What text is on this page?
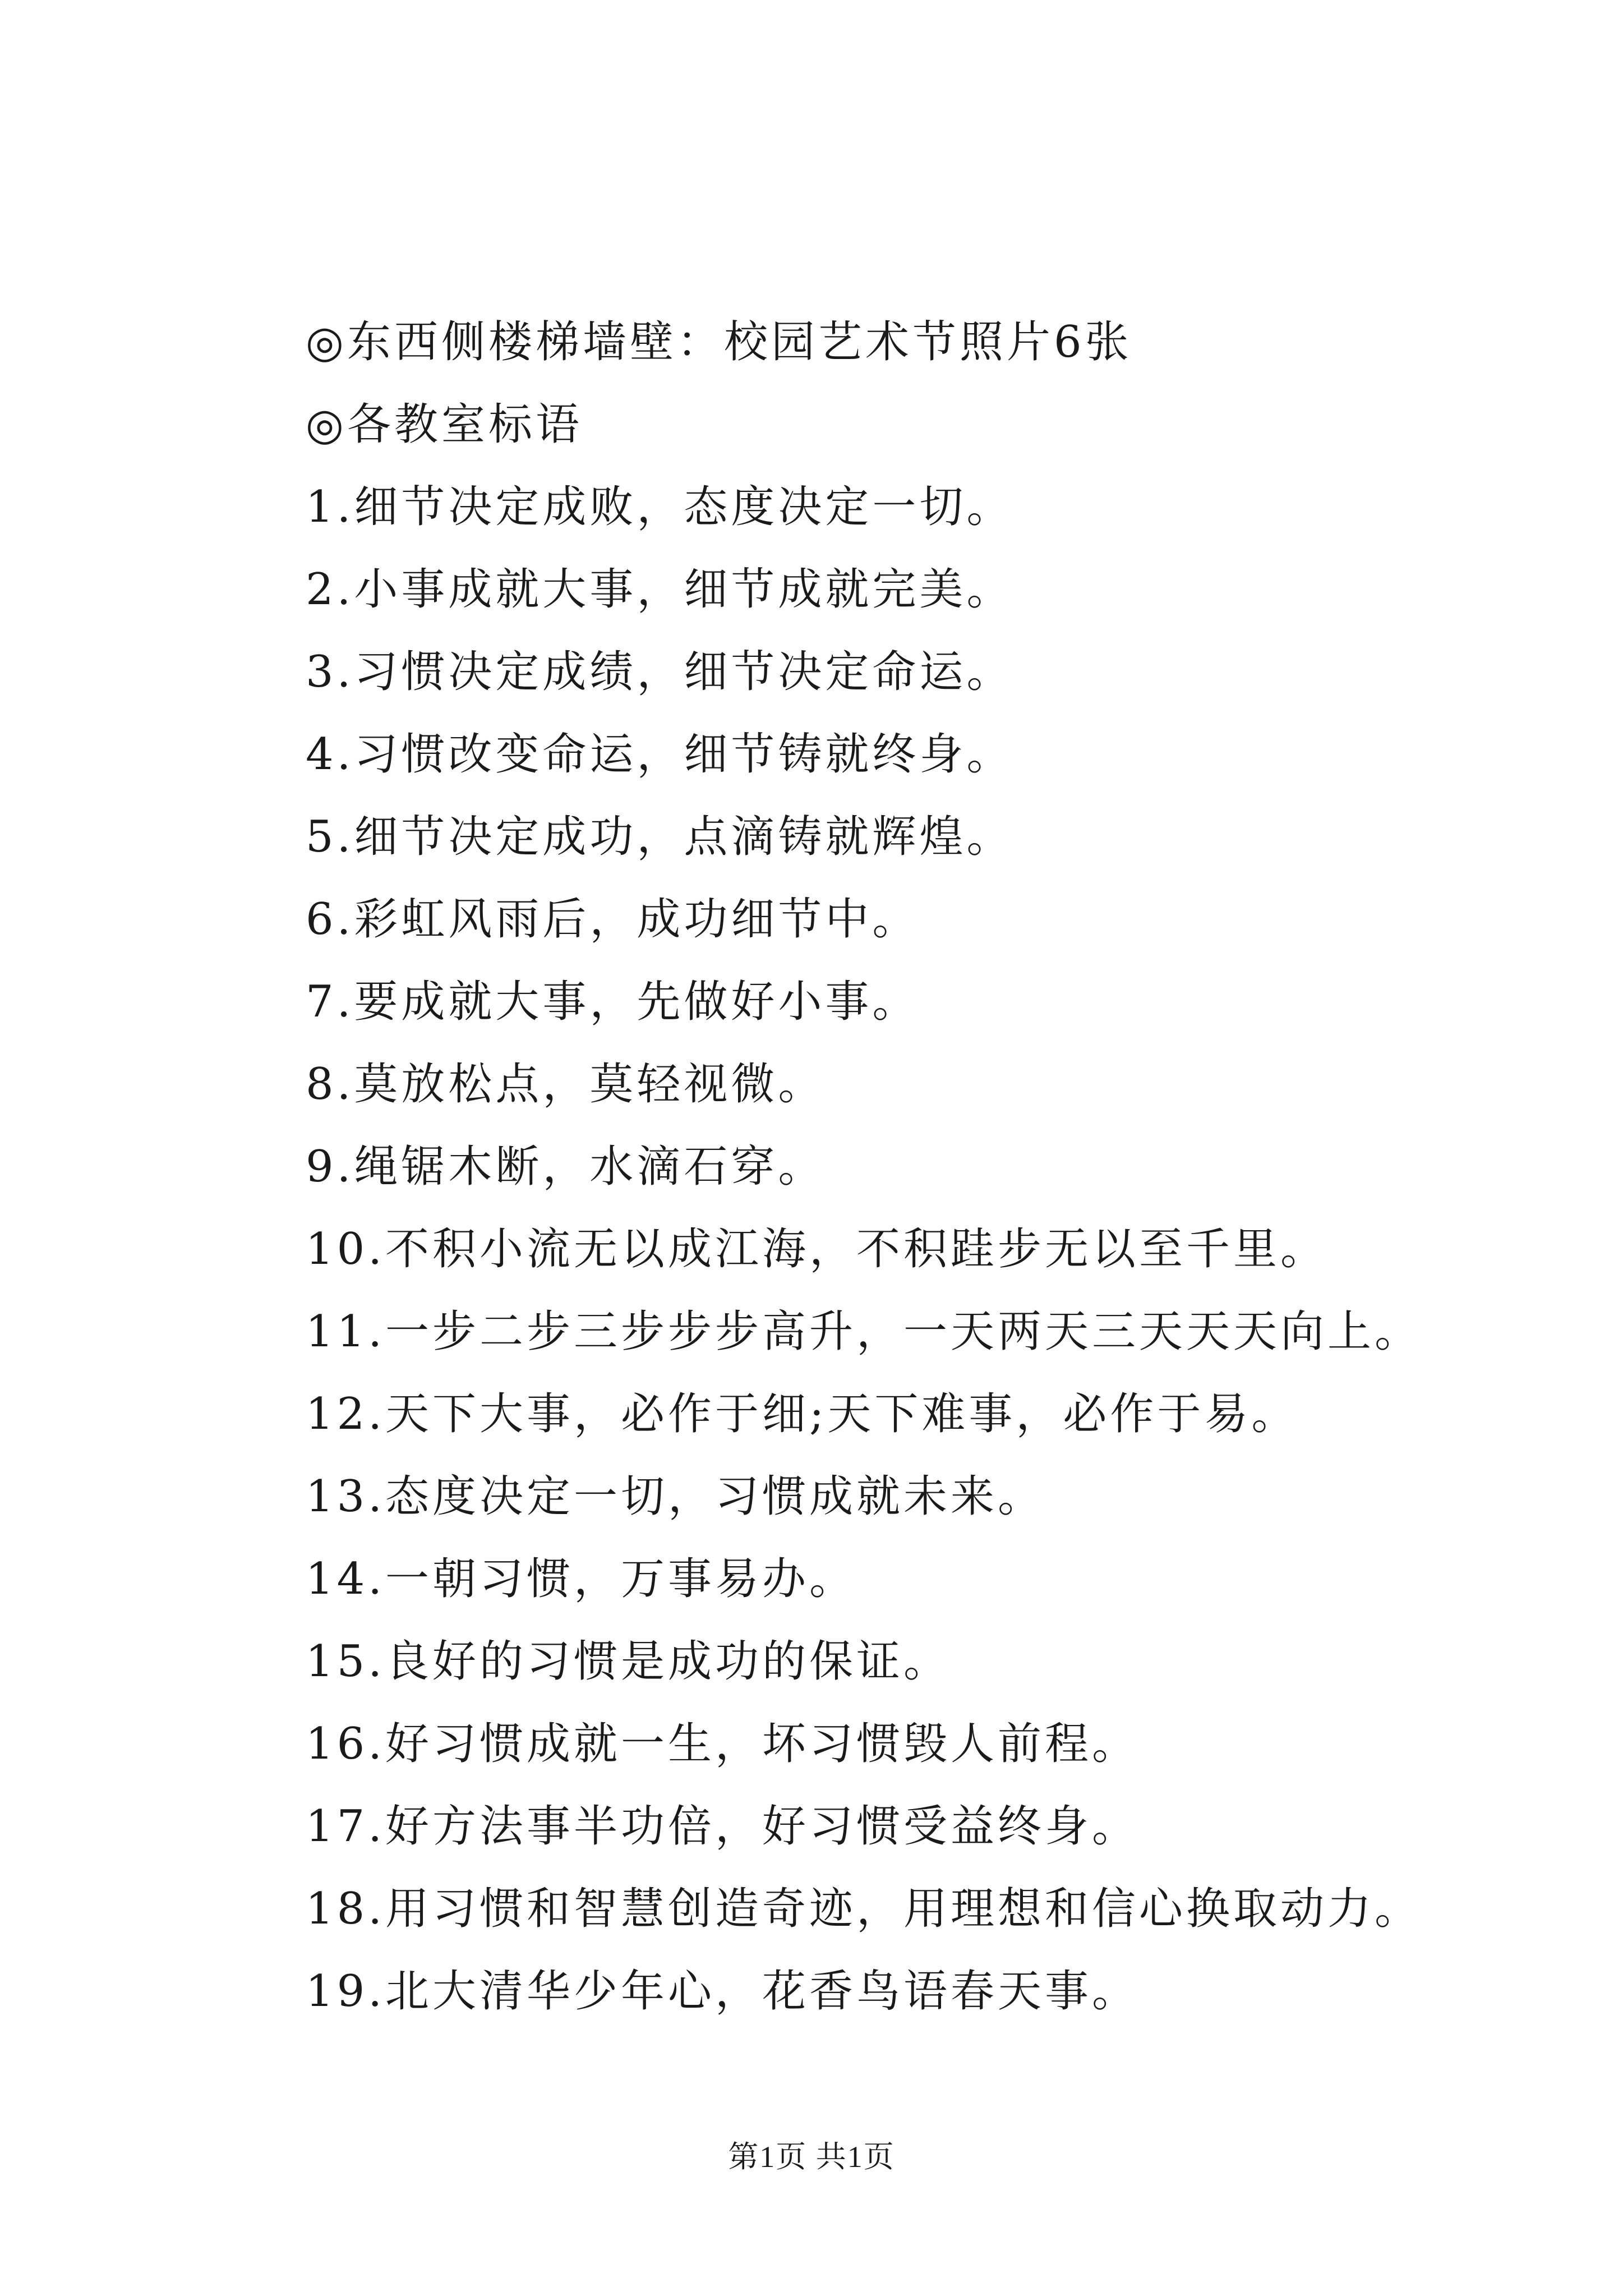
◎东西侧楼梯墙壁：校园艺术节照片6张
◎各教室标语
1.细节决定成败，态度决定一切。
2.小事成就大事，细节成就完美。
3.习惯决定成绩，细节决定命运。
4.习惯改变命运，细节铸就终身。
5.细节决定成功，点滴铸就辉煌。
6.彩虹风雨后，成功细节中。
7.要成就大事，先做好小事。
8.莫放松点，莫轻视微。
9.绳锯木断，水滴石穿。
10.不积小流无以成江海，不积跬步无以至千里。
11.一步二步三步步步高升，一天两天三天天天向上。
12.天下大事，必作于细;天下难事，必作于易。
13.态度决定一切，习惯成就未来。
14.一朝习惯，万事易办。
15.良好的习惯是成功的保证。
16.好习惯成就一生，坏习惯毁人前程。
17.好方法事半功倍，好习惯受益终身。
18.用习惯和智慧创造奇迹，用理想和信心换取动力。
19.北大清华少年心，花香鸟语春天事。
第1页 共1页
